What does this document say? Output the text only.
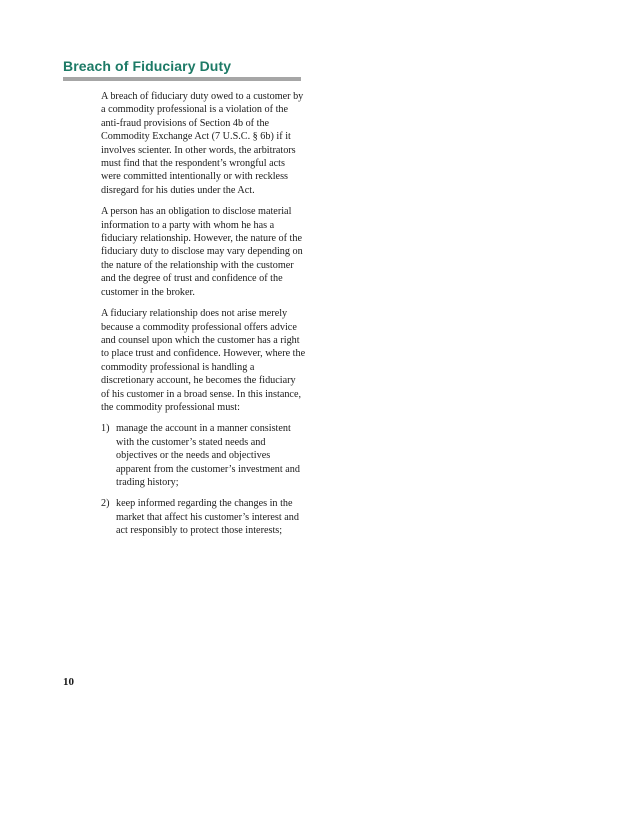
Breach of Fiduciary Duty

A breach of fiduciary duty owed to a customer by a commodity professional is a violation of the anti-fraud provisions of Section 4b of the Commodity Exchange Act (7 U.S.C. § 6b) if it involves scienter. In other words, the arbitrators must find that the respondent’s wrongful acts were committed intentionally or with reckless disregard for his duties under the Act.

A person has an obligation to disclose material information to a party with whom he has a fiduciary relationship. However, the nature of the fiduciary duty to disclose may vary depending on the nature of the relationship with the customer and the degree of trust and confidence of the customer in the broker.

A fiduciary relationship does not arise merely because a commodity professional offers advice and counsel upon which the customer has a right to place trust and confidence. However, where the commodity professional is handling a discretionary account, he becomes the fiduciary of his customer in a broad sense. In this instance, the commodity professional must:

1) manage the account in a manner consistent with the customer’s stated needs and objectives or the needs and objectives apparent from the customer’s investment and trading history;
2) keep informed regarding the changes in the market that affect his customer’s interest and act responsibly to protect those interests;
10
